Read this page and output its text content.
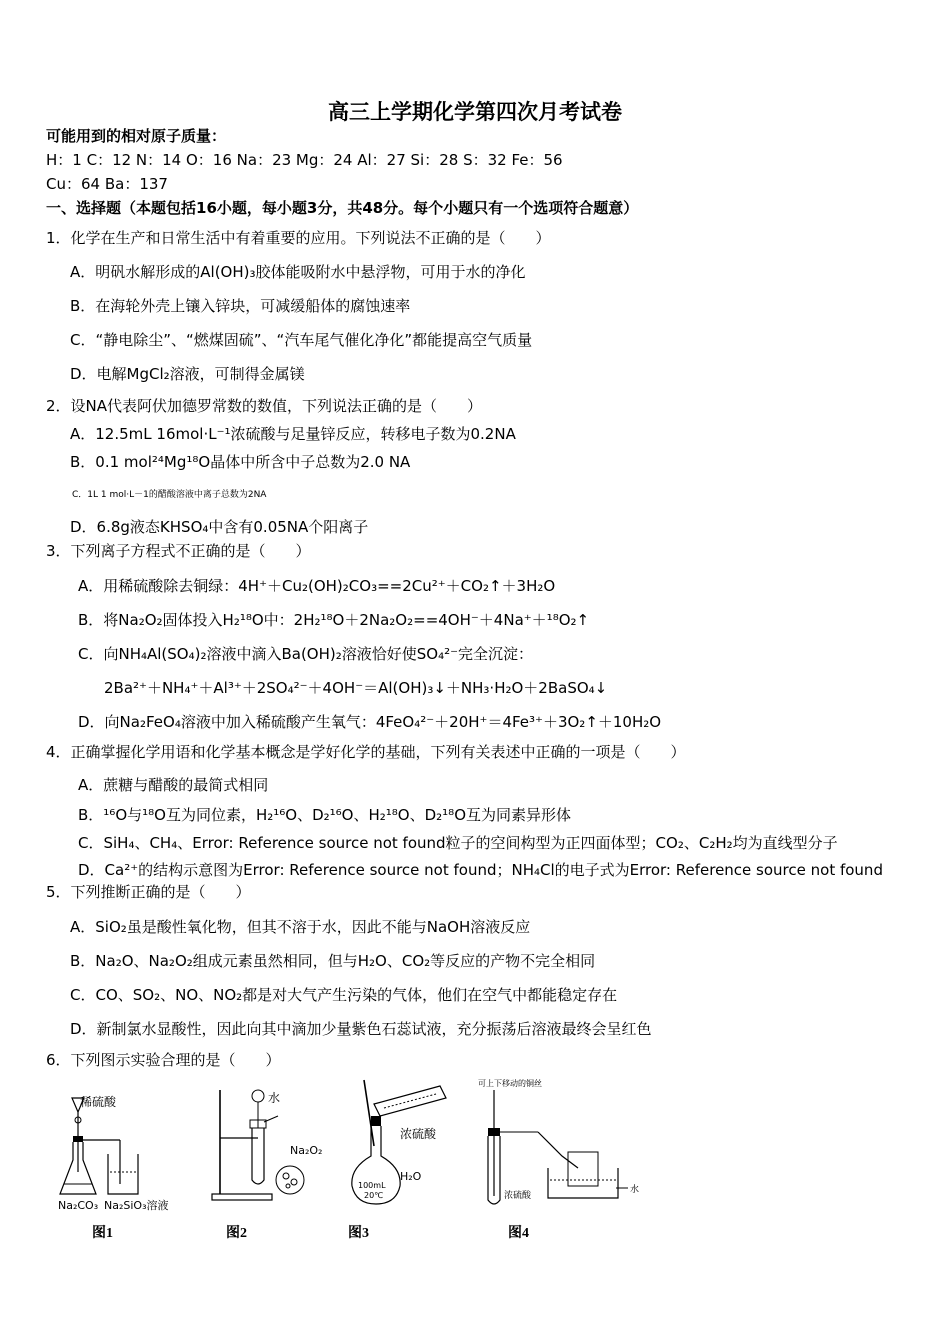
高三上学期化学第四次月考试卷
可能用到的相对原子质量：
H：1 C：12 N：14 O：16 Na：23 Mg：24 Al：27 Si：28 S：32 Fe：56
Cu：64 Ba：137
一、选择题（本题包括16小题，每小题3分，共48分。每个小题只有一个选项符合题意）
1．化学在生产和日常生活中有着重要的应用。下列说法不正确的是（　　）
A．明矾水解形成的Al(OH)₃胶体能吸附水中悬浮物，可用于水的净化
B．在海轮外壳上镶入锌块，可减缓船体的腐蚀速率
C．“静电除尘”、“燃煤固硫”、“汽车尾气催化净化”都能提高空气质量
D．电解MgCl₂溶液，可制得金属镁
2．设NA代表阿伏加德罗常数的数值，下列说法正确的是（　　）
A．12.5mL 16mol·L⁻¹浓硫酸与足量锌反应，转移电子数为0.2NA
B．0.1 mol²⁴Mg¹⁸O晶体中所含中子总数为2.0 NA
C．1L 1 mol·L－1的醋酸溶液中离子总数为2NA
D．6.8g液态KHSO₄中含有0.05NA个阳离子
3．下列离子方程式不正确的是（　　）
A．用稀硫酸除去铜绿：4H⁺＋Cu₂(OH)₂CO₃==2Cu²⁺＋CO₂↑＋3H₂O
B．将Na₂O₂固体投入H₂¹⁸O中：2H₂¹⁸O＋2Na₂O₂==4OH⁻＋4Na⁺＋¹⁸O₂↑
C．向NH₄Al(SO₄)₂溶液中滴入Ba(OH)₂溶液恰好使SO₄²⁻完全沉淀：
2Ba²⁺＋NH₄⁺＋Al³⁺＋2SO₄²⁻＋4OH⁻＝Al(OH)₃↓＋NH₃·H₂O＋2BaSO₄↓
D．向Na₂FeO₄溶液中加入稀硫酸产生氧气：4FeO₄²⁻＋20H⁺＝4Fe³⁺＋3O₂↑＋10H₂O
4．正确掌握化学用语和化学基本概念是学好化学的基础，下列有关表述中正确的一项是（　　）
A．蔗糖与醋酸的最简式相同
B．¹⁶O与¹⁸O互为同位素，H₂¹⁶O、D₂¹⁶O、H₂¹⁸O、D₂¹⁸O互为同素异形体
C．SiH₄、CH₄、Error: Reference source not found粒子的空间构型为正四面体型；CO₂、C₂H₂均为直线型分子
D．Ca²⁺的结构示意图为Error: Reference source not found；NH₄Cl的电子式为Error: Reference source not found
5．下列推断正确的是（　　）
A．SiO₂虽是酸性氧化物，但其不溶于水，因此不能与NaOH溶液反应
B．Na₂O、Na₂O₂组成元素虽然相同，但与H₂O、CO₂等反应的产物不完全相同
C．CO、SO₂、NO、NO₂都是对大气产生污染的气体，他们在空气中都能稳定存在
D．新制氯水显酸性，因此向其中滴加少量紫色石蕊试液，充分振荡后溶液最终会呈红色
6．下列图示实验合理的是（　　）
稀硫酸
Na₂CO₃ Na₂SiO₃溶液
水
Na₂O₂
浓硫酸
H₂O
100mL
20℃
可上下移动的铜丝
浓硫酸
水
图1	图2	图3	图4
